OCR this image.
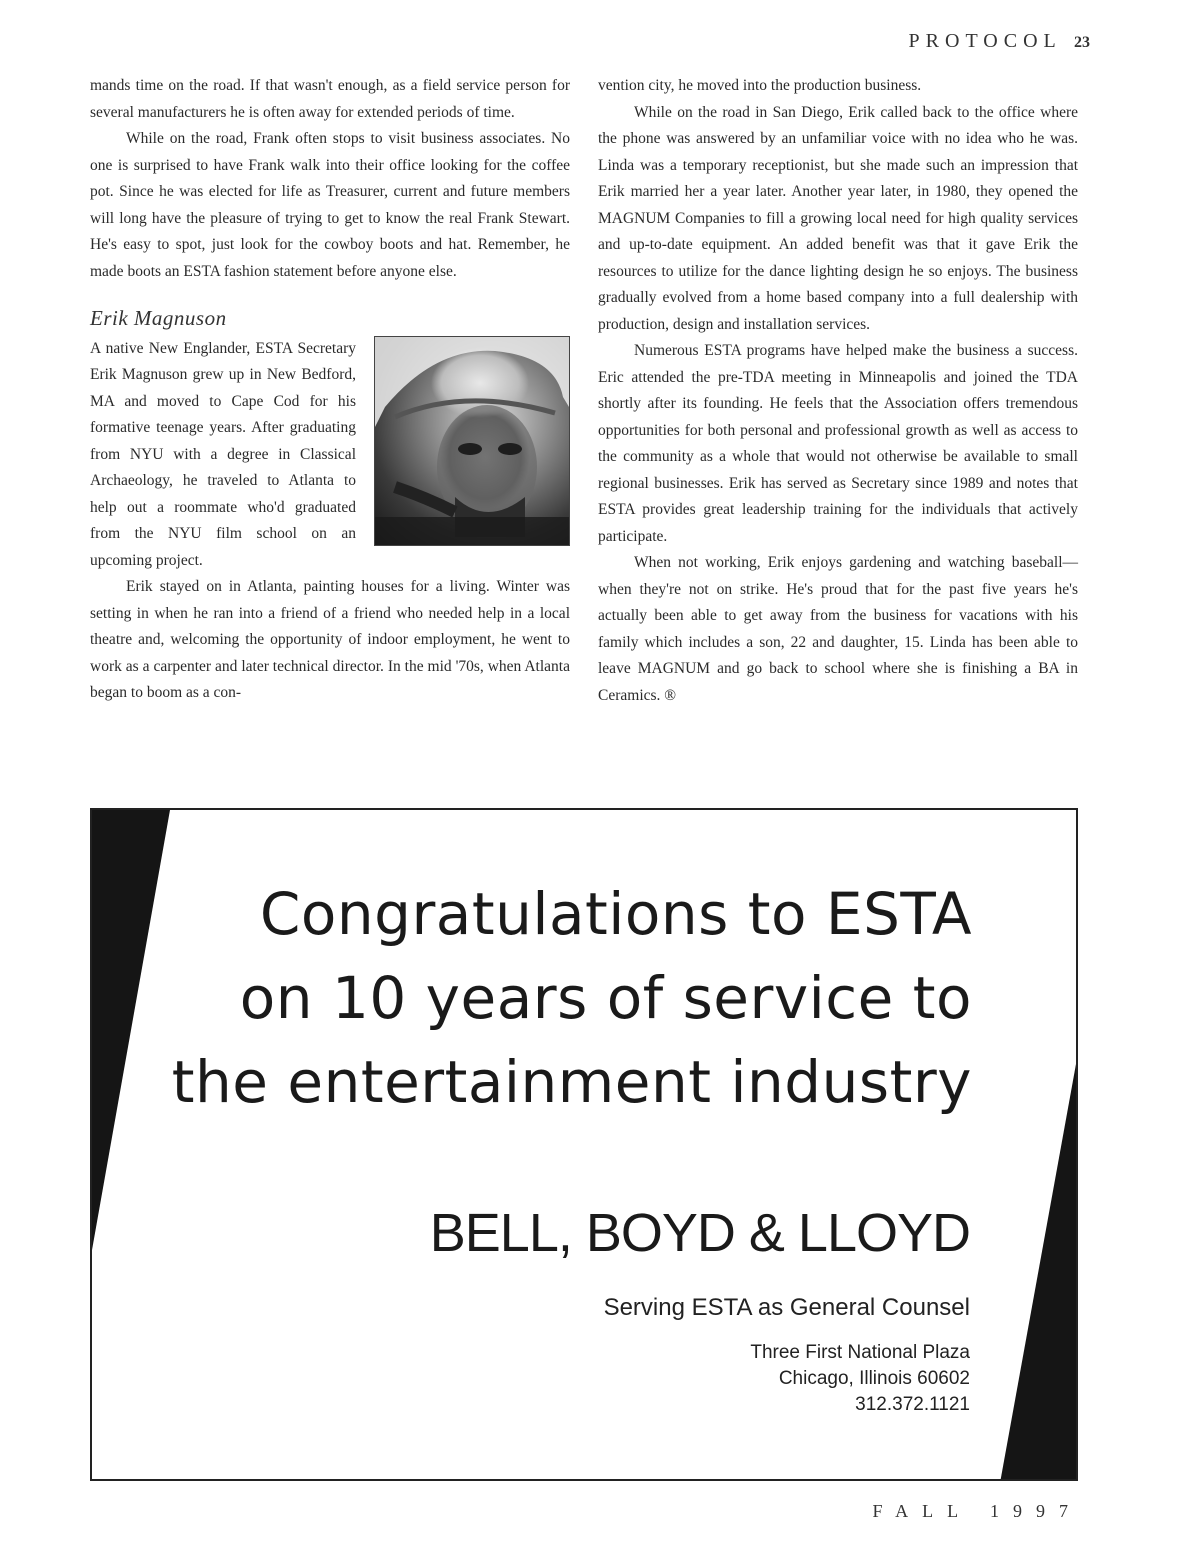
PROTOCOL 23

mands time on the road. If that wasn't enough, as a field service person for several manufacturers he is often away for extended periods of time.

While on the road, Frank often stops to visit business associates. No one is surprised to have Frank walk into their office looking for the coffee pot. Since he was elected for life as Treasurer, current and future members will long have the pleasure of trying to get to know the real Frank Stewart. He's easy to spot, just look for the cowboy boots and hat. Remember, he made boots an ESTA fashion statement before anyone else.

Erik Magnuson

A native New Englander, ESTA Secretary Erik Magnuson grew up in New Bedford, MA and moved to Cape Cod for his formative teenage years. After graduating from NYU with a degree in Classical Archaeology, he traveled to Atlanta to help out a roommate who'd graduated from the NYU film school on an upcoming project.

Erik stayed on in Atlanta, painting houses for a living. Winter was setting in when he ran into a friend of a friend who needed help in a local theatre and, welcoming the opportunity of indoor employment, he went to work as a carpenter and later technical director. In the mid '70s, when Atlanta began to boom as a con-

vention city, he moved into the production business.

While on the road in San Diego, Erik called back to the office where the phone was answered by an unfamiliar voice with no idea who he was. Linda was a temporary receptionist, but she made such an impression that Erik married her a year later. Another year later, in 1980, they opened the MAGNUM Companies to fill a growing local need for high quality services and up-to-date equipment. An added benefit was that it gave Erik the resources to utilize for the dance lighting design he so enjoys. The business gradually evolved from a home based company into a full dealership with production, design and installation services.

Numerous ESTA programs have helped make the business a success. Eric attended the pre-TDA meeting in Minneapolis and joined the TDA shortly after its founding. He feels that the Association offers tremendous opportunities for both personal and professional growth as well as access to the community as a whole that would not otherwise be available to small regional businesses. Erik has served as Secretary since 1989 and notes that ESTA provides great leadership training for the individuals that actively participate.

When not working, Erik enjoys gardening and watching baseball—when they're not on strike. He's proud that for the past five years he's actually been able to get away from the business for vacations with his family which includes a son, 22 and daughter, 15. Linda has been able to leave MAGNUM and go back to school where she is finishing a BA in Ceramics. ®

Congratulations to ESTA
on 10 years of service to
the entertainment industry
BELL, BOYD & LLOYD
Serving ESTA as General Counsel
Three First National Plaza
Chicago, Illinois 60602
312.372.1121
FALL 1997
